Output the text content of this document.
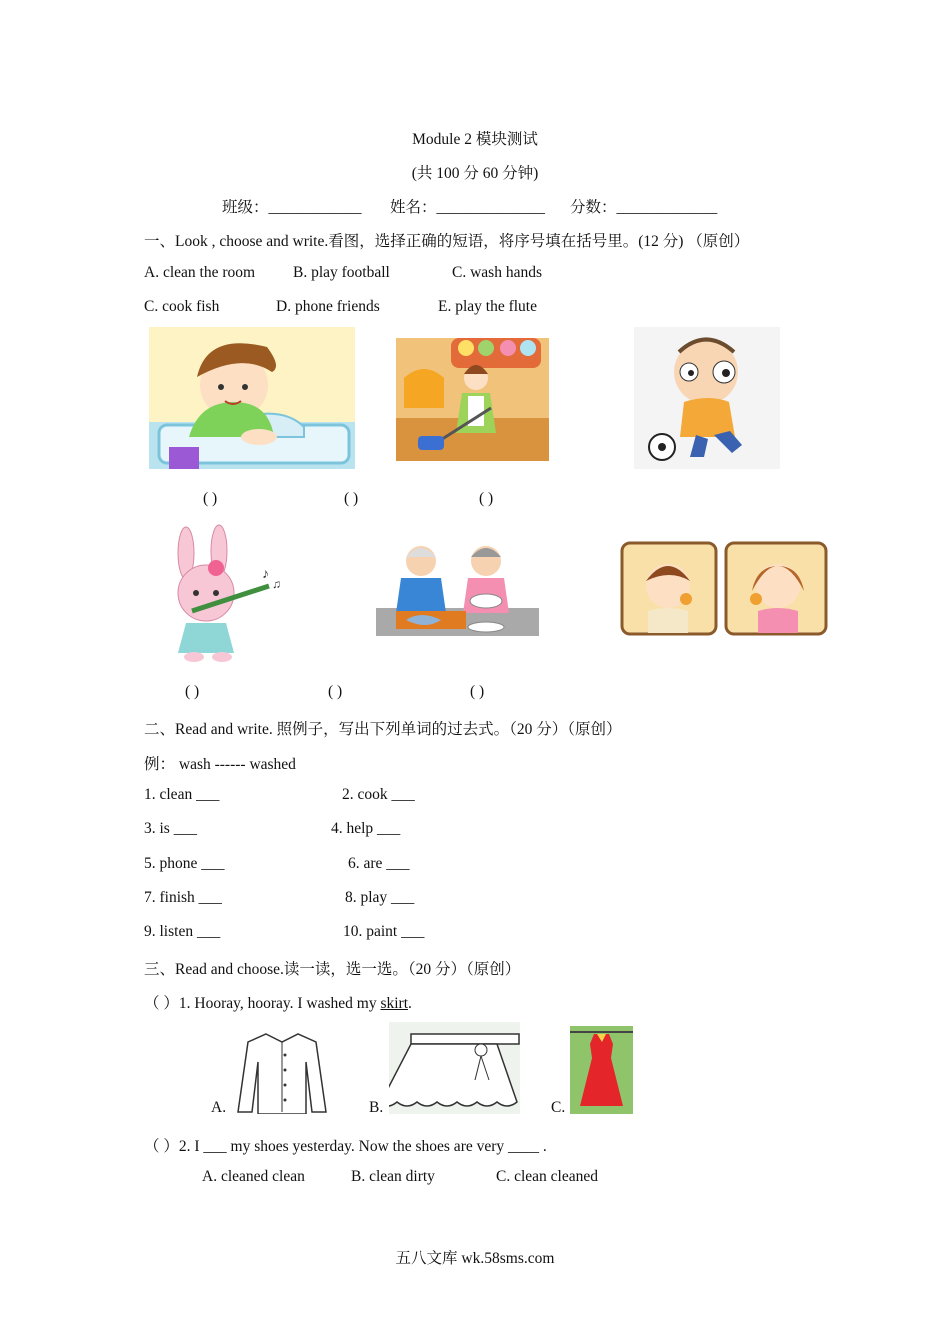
Module 2 模块测试
(共 100 分 60 分钟)
班级：____________ 姓名：______________ 分数：_____________
一、Look , choose and write.看图，选择正确的短语，将序号填在括号里。(12 分) （原创）
A. clean the room B. play football	C. wash hands
C. cook fish	D. phone friends	E. play the flute
( )	( )	( )
♪
♫
( )	( )	( )
二、Read and write. 照例子，写出下列单词的过去式。（20 分）（原创）
例： wash ------ washed
1. clean ___	2. cook ___
3. is ___	4. help ___
5. phone ___	6. are ___
7. finish ___	8. play ___
9. listen ___	10. paint ___
三、Read and choose.读一读，选一选。（20 分）（原创）
（ ）1. Hooray, hooray. I washed my skirt.
A.	B.	C.
（ ）2. I ___ my shoes yesterday. Now the shoes are very ____ .
A. cleaned clean	B. clean dirty	C. clean cleaned
五八文库 wk.58sms.com
